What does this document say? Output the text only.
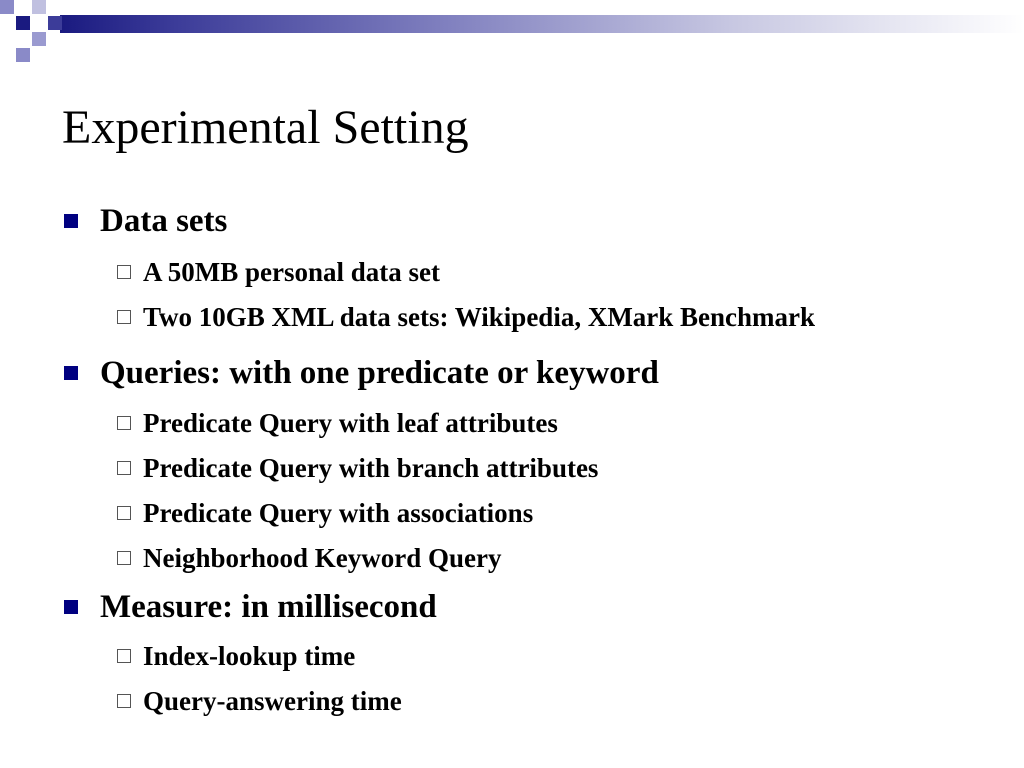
Experimental Setting
Data sets
A 50MB personal data set
Two 10GB XML data sets: Wikipedia, XMark Benchmark
Queries: with one predicate or keyword
Predicate Query with leaf attributes
Predicate Query with branch attributes
Predicate Query with associations
Neighborhood Keyword Query
Measure: in millisecond
Index-lookup time
Query-answering time
